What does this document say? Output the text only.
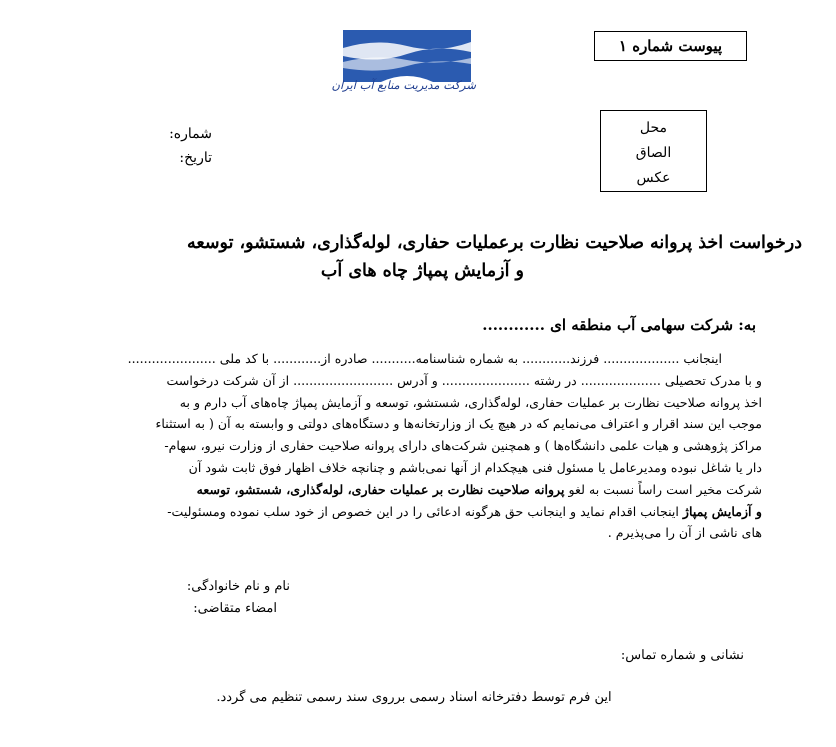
پیوست شماره ۱
شرکت مدیریت منابع آب ایران
محل
الصاق
عکس
شماره:
تاریخ:
درخواست اخذ پروانه صلاحیت نظارت برعملیات حفاری، لوله‌گذاری، شستشو، توسعه
و آزمایش پمپاژ چاه های آب
به: شرکت سهامی آب منطقه ای ............
اینجانب ................... فرزند............ به شماره شناسنامه........... صادره از............ با کد ملی ......................
و با مدرک تحصیلی .................... در رشته ...................... و آدرس ......................... از آن شرکت درخواست
اخذ پروانه صلاحیت نظارت بر عملیات حفاری، لوله‌گذاری، شستشو، توسعه و آزمایش پمپاژ چاه‌های آب دارم و به
موجب این سند اقرار و اعتراف می‌نمایم که در هیچ یک از وزارتخانه‌ها و دستگاه‌های دولتی و وابسته به آن ( به استثناء
مراکز پژوهشی و هیات علمی دانشگاه‌ها ) و همچنین شرکت‌های دارای پروانه صلاحیت حفاری از وزارت نیرو، سهام-
دار یا شاغل نبوده ومدیرعامل یا مسئول فنی هیچکدام از آنها نمی‌باشم و چنانچه خلاف اظهار فوق ثابت شود آن
شرکت مخیر است راساً نسبت به لغو پروانه صلاحیت نظارت بر عملیات حفاری، لوله‌گذاری، شستشو، توسعه
و آزمایش پمپاژ اینجانب اقدام نماید و اینجانب حق هرگونه ادعائی را در این خصوص از خود سلب نموده ومسئولیت-
های ناشی از آن را می‌پذیرم .
نام و نام خانوادگی:
امضاء متقاضی:
نشانی و شماره تماس:
این فرم توسط دفترخانه اسناد رسمی برروی سند رسمی تنظیم می گردد.
